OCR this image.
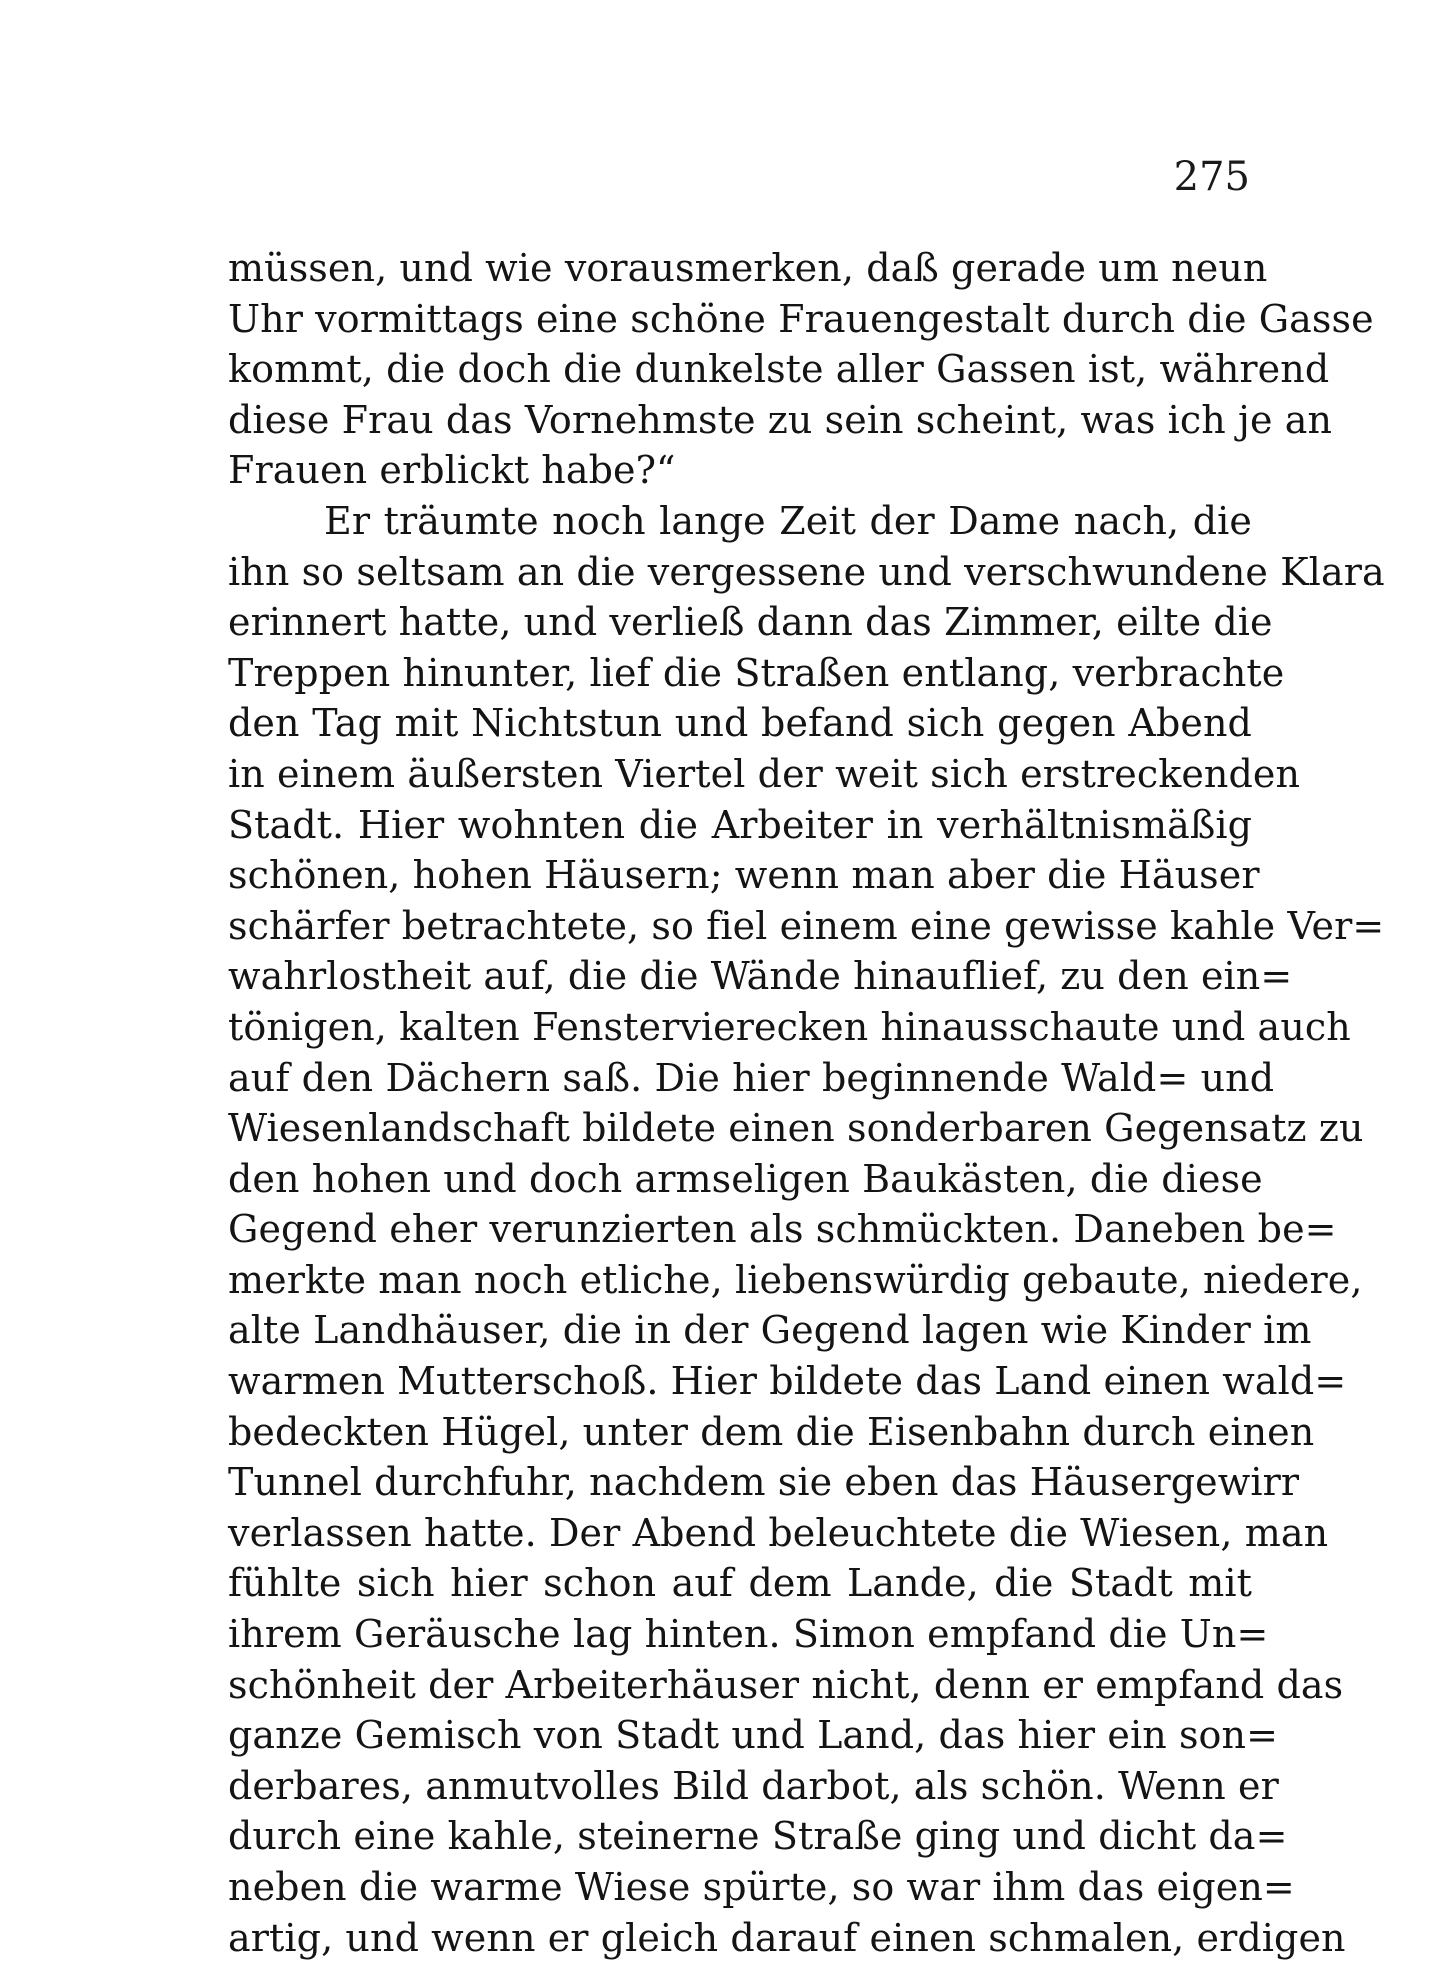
275
müssen, und wie vorausmerken, daß gerade um neun
Uhr vormittags eine schöne Frauengestalt durch die Gasse
kommt, die doch die dunkelste aller Gassen ist, während
diese Frau das Vornehmste zu sein scheint, was ich je an
Frauen erblickt habe?“
Er träumte noch lange Zeit der Dame nach, die
ihn so seltsam an die vergessene und verschwundene Klara
erinnert hatte, und verließ dann das Zimmer, eilte die
Treppen hinunter, lief die Straßen entlang, verbrachte
den Tag mit Nichtstun und befand sich gegen Abend
in einem äußersten Viertel der weit sich erstreckenden
Stadt. Hier wohnten die Arbeiter in verhältnismäßig
schönen, hohen Häusern; wenn man aber die Häuser
schärfer betrachtete, so fiel einem eine gewisse kahle Ver=
wahrlostheit auf, die die Wände hinauflief, zu den ein=
tönigen, kalten Fenstervierecken hinausschaute und auch
auf den Dächern saß. Die hier beginnende Wald= und
Wiesenlandschaft bildete einen sonderbaren Gegensatz zu
den hohen und doch armseligen Baukästen, die diese
Gegend eher verunzierten als schmückten. Daneben be=
merkte man noch etliche, liebenswürdig gebaute, niedere,
alte Landhäuser, die in der Gegend lagen wie Kinder im
warmen Mutterschoß. Hier bildete das Land einen wald=
bedeckten Hügel, unter dem die Eisenbahn durch einen
Tunnel durchfuhr, nachdem sie eben das Häusergewirr
verlassen hatte. Der Abend beleuchtete die Wiesen, man
fühlte sich hier schon auf dem Lande, die Stadt mit
ihrem Geräusche lag hinten. Simon empfand die Un=
schönheit der Arbeiterhäuser nicht, denn er empfand das
ganze Gemisch von Stadt und Land, das hier ein son=
derbares, anmutvolles Bild darbot, als schön. Wenn er
durch eine kahle, steinerne Straße ging und dicht da=
neben die warme Wiese spürte, so war ihm das eigen=
artig, und wenn er gleich darauf einen schmalen, erdigen
